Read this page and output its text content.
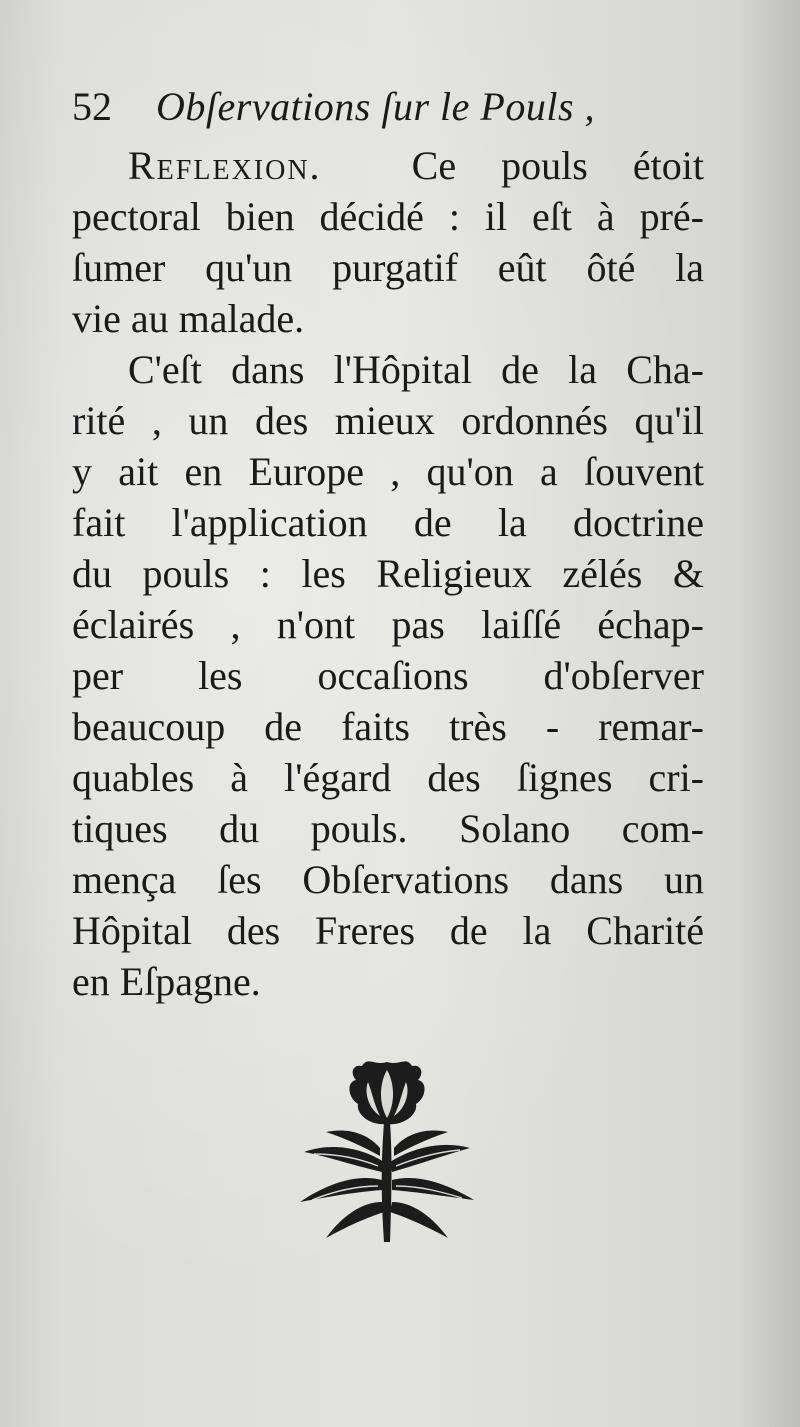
52 Obſervations ſur le Pouls ,
Reflexion. Ce pouls étoit
pectoral bien décidé : il eſt à pré-
ſumer qu'un purgatif eût ôté la
vie au malade.
C'eſt dans l'Hôpital de la Cha-
rité , un des mieux ordonnés qu'il
y ait en Europe , qu'on a ſouvent
fait l'application de la doctrine
du pouls : les Religieux zélés &
éclairés , n'ont pas laiſſé échap-
per les occaſions d'obſerver
beaucoup de faits très - remar-
quables à l'égard des ſignes cri-
tiques du pouls. Solano com-
mença ſes Obſervations dans un
Hôpital des Freres de la Charité
en Eſpagne.
